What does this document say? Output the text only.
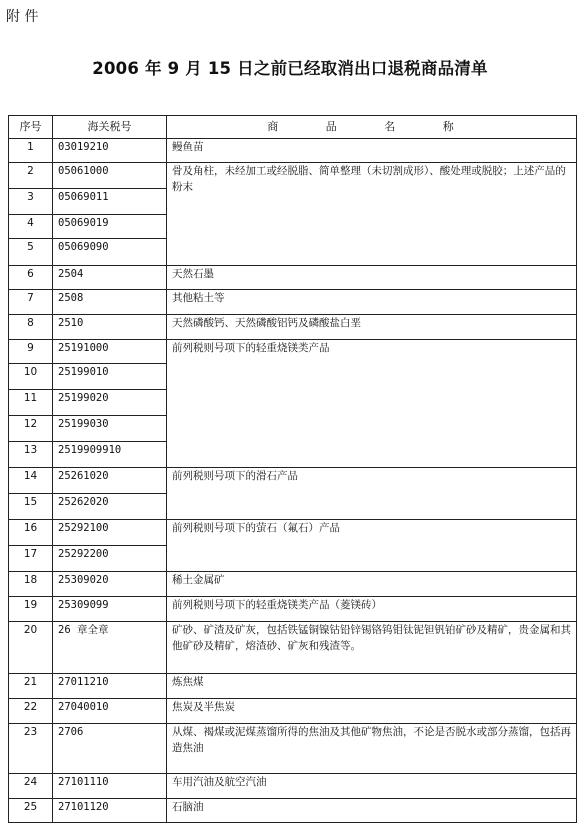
附 件
2006 年 9 月 15 日之前已经取消出口退税商品清单
序号	海关税号	商 品 名 称
1	03019210	鳗鱼苗
2	05061000	骨及角柱，未经加工或经脱脂、简单整理（未切割成形）、酸处理或脱胶；上述产品的粉末
3	05069011	
4	05069019	
5	05069090	
6	2504	天然石墨
7	2508	其他粘土等
8	2510	天然磷酸钙、天然磷酸铝钙及磷酸盐白垩
9	25191000	前列税则号项下的轻重烧镁类产品
10	25199010	
11	25199020	
12	25199030	
13	2519909910	
14	25261020	前列税则号项下的滑石产品
15	25262020	
16	25292100	前列税则号项下的萤石（氟石）产品
17	25292200	
18	25309020	稀土金属矿
19	25309099	前列税则号项下的轻重烧镁类产品（菱镁砖）
20	26 章全章	矿砂、矿渣及矿灰，包括铁锰铜镍钴铅锌锡铬钨钼钛铌钽钒铂矿砂及精矿，贵金属和其他矿砂及精矿，熔渣砂、矿灰和残渣等。
21	27011210	炼焦煤
22	27040010	焦炭及半焦炭
23	2706	从煤、褐煤或泥煤蒸馏所得的焦油及其他矿物焦油，不论是否脱水或部分蒸馏，包括再造焦油
24	27101110	车用汽油及航空汽油
25	27101120	石脑油
